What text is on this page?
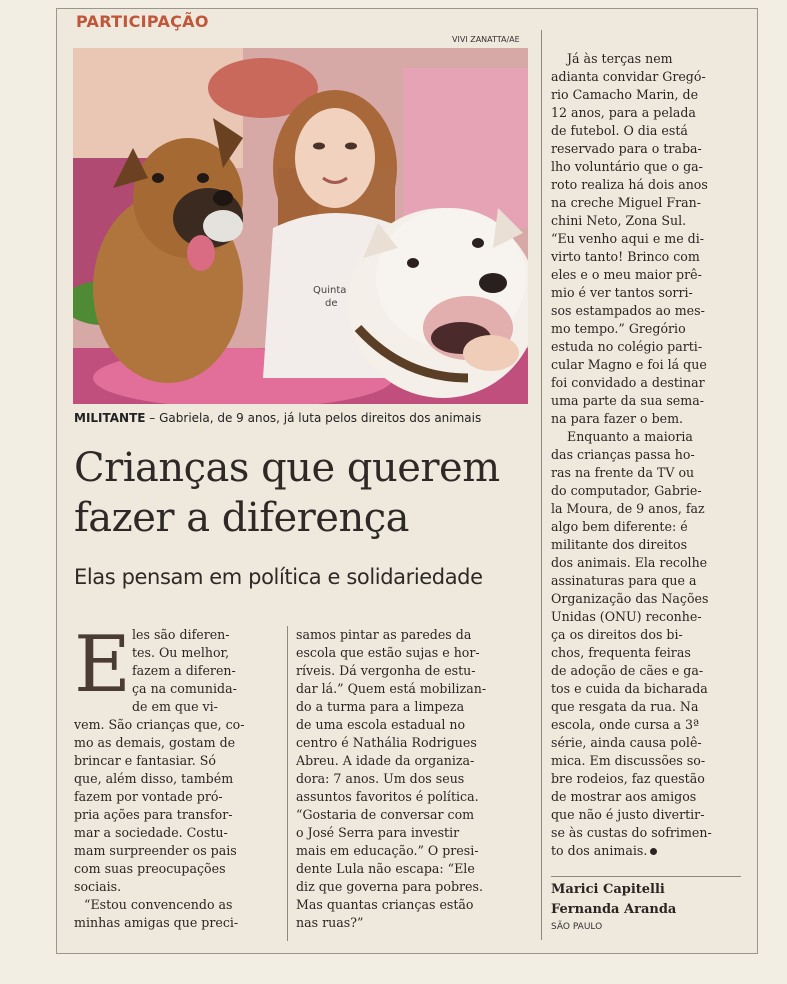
PARTICIPAÇÃO
VIVI ZANATTA/AE
Quinta
de
MILITANTE – Gabriela, de 9 anos, já luta pelos direitos dos animais
Crianças que querem
fazer a diferença
Elas pensam em política e solidariedade
E les são diferen-
tes. Ou melhor,
fazem a diferen-
ça na comunida-
de em que vi-
vem. São crianças que, co-
mo as demais, gostam de
brincar e fantasiar. Só
que, além disso, também
fazem por vontade pró-
pria ações para transfor-
mar a sociedade. Costu-
mam surpreender os pais
com suas preocupações
sociais.
“Estou convencendo as
minhas amigas que preci-
samos pintar as paredes da
escola que estão sujas e hor-
ríveis. Dá vergonha de estu-
dar lá.” Quem está mobilizan-
do a turma para a limpeza
de uma escola estadual no
centro é Nathália Rodrigues
Abreu. A idade da organiza-
dora: 7 anos. Um dos seus
assuntos favoritos é política.
“Gostaria de conversar com
o José Serra para investir
mais em educação.” O presi-
dente Lula não escapa: “Ele
diz que governa para pobres.
Mas quantas crianças estão
nas ruas?”
Já às terças nem
adianta convidar Gregó-
rio Camacho Marin, de
12 anos, para a pelada
de futebol. O dia está
reservado para o traba-
lho voluntário que o ga-
roto realiza há dois anos
na creche Miguel Fran-
chini Neto, Zona Sul.
“Eu venho aqui e me di-
virto tanto! Brinco com
eles e o meu maior prê-
mio é ver tantos sorri-
sos estampados ao mes-
mo tempo.” Gregório
estuda no colégio parti-
cular Magno e foi lá que
foi convidado a destinar
uma parte da sua sema-
na para fazer o bem.
Enquanto a maioria
das crianças passa ho-
ras na frente da TV ou
do computador, Gabrie-
la Moura, de 9 anos, faz
algo bem diferente: é
militante dos direitos
dos animais. Ela recolhe
assinaturas para que a
Organização das Nações
Unidas (ONU) reconhe-
ça os direitos dos bi-
chos, frequenta feiras
de adoção de cães e ga-
tos e cuida da bicharada
que resgata da rua. Na
escola, onde cursa a 3ª
série, ainda causa polê-
mica. Em discussões so-
bre rodeios, faz questão
de mostrar aos amigos
que não é justo divertir-
se às custas do sofrimen-
to dos animais.
Marici Capitelli
Fernanda Aranda
SÃO PAULO
